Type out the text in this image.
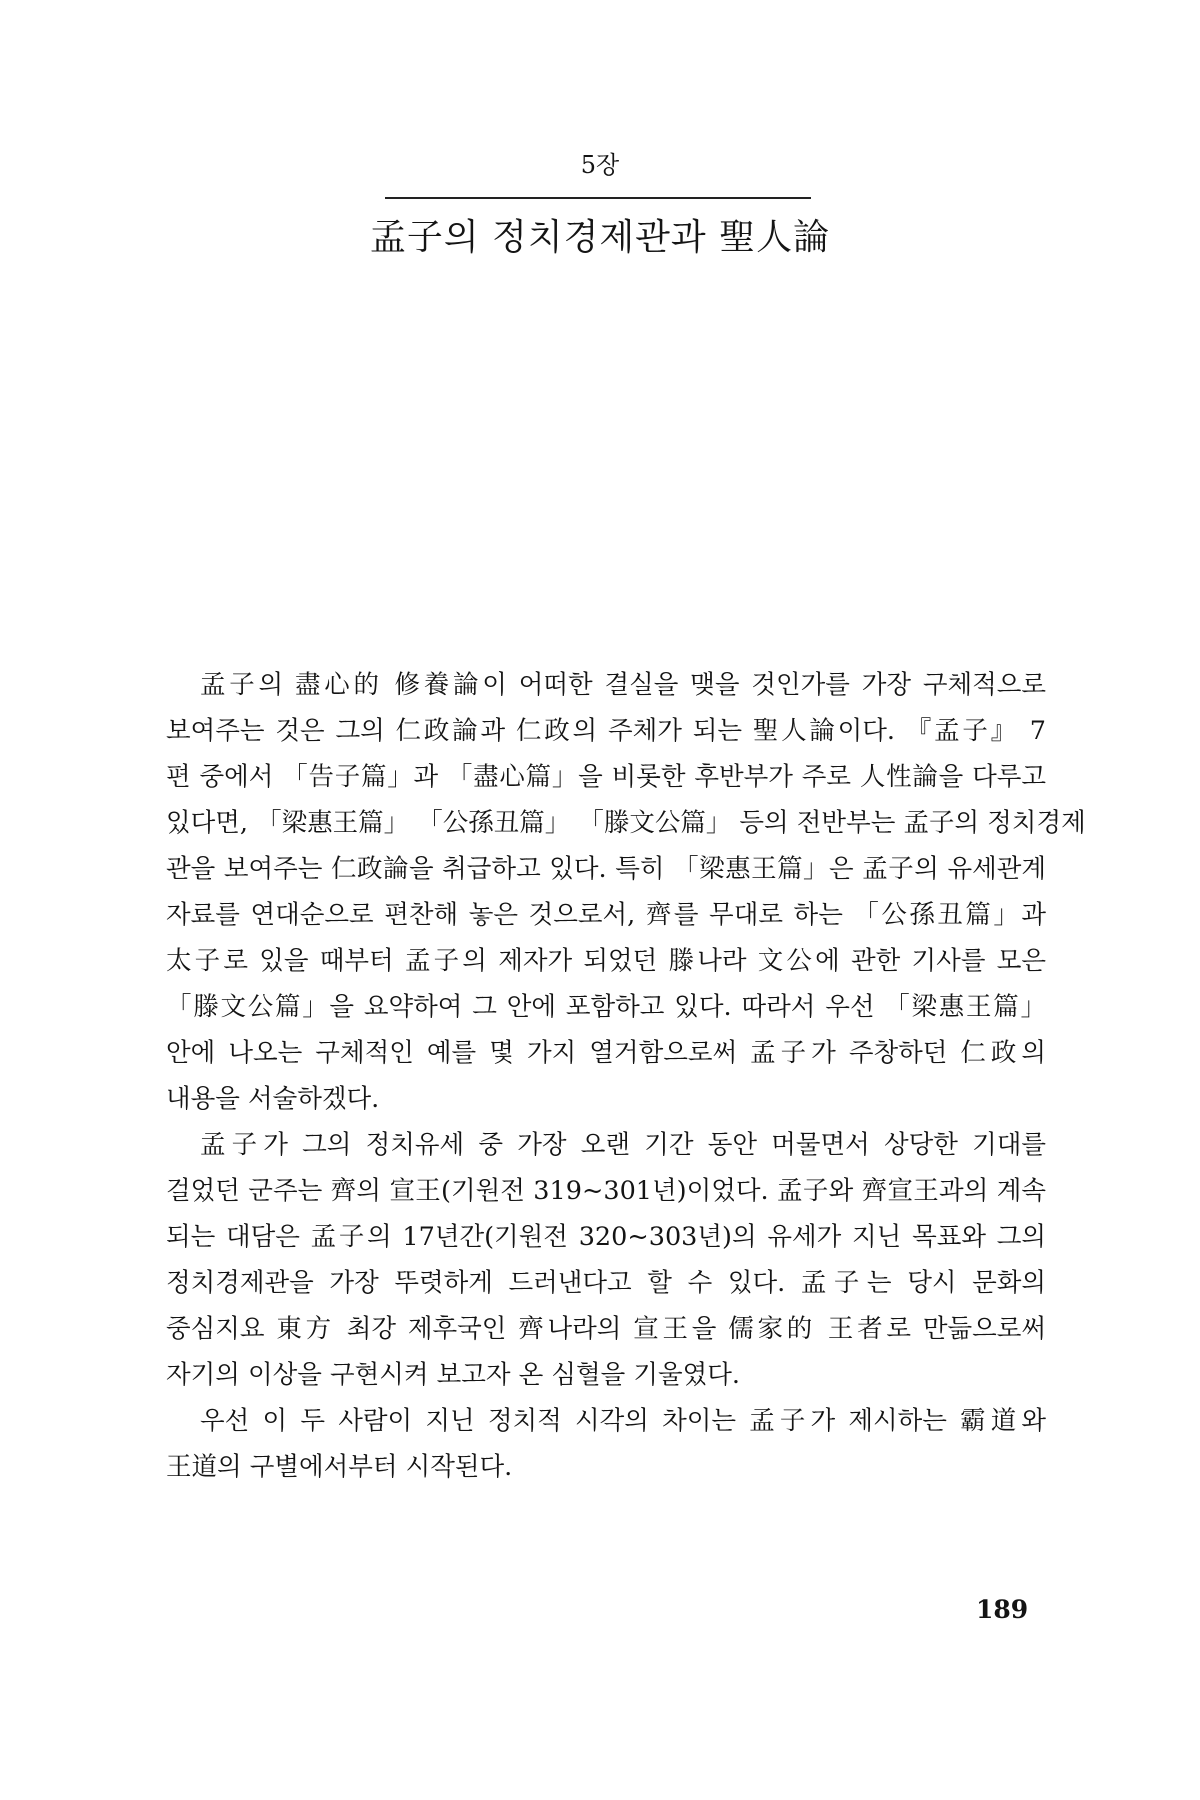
5장
孟子의 정치경제관과 聖人論
孟子의 盡心的 修養論이 어떠한 결실을 맺을 것인가를 가장 구체적으로
보여주는 것은 그의 仁政論과 仁政의 주체가 되는 聖人論이다. 『孟子』 7
편 중에서 「告子篇」과 「盡心篇」을 비롯한 후반부가 주로 人性論을 다루고
있다면, 「梁惠王篇」 「公孫丑篇」 「滕文公篇」 등의 전반부는 孟子의 정치경제
관을 보여주는 仁政論을 취급하고 있다. 특히 「梁惠王篇」은 孟子의 유세관계
자료를 연대순으로 편찬해 놓은 것으로서, 齊를 무대로 하는 「公孫丑篇」과
太子로 있을 때부터 孟子의 제자가 되었던 滕나라 文公에 관한 기사를 모은
「滕文公篇」을 요약하여 그 안에 포함하고 있다. 따라서 우선 「梁惠王篇」
안에 나오는 구체적인 예를 몇 가지 열거함으로써 孟子가 주창하던 仁政의
내용을 서술하겠다.
孟子가 그의 정치유세 중 가장 오랜 기간 동안 머물면서 상당한 기대를
걸었던 군주는 齊의 宣王(기원전 319~301년)이었다. 孟子와 齊宣王과의 계속
되는 대담은 孟子의 17년간(기원전 320~303년)의 유세가 지닌 목표와 그의
정치경제관을 가장 뚜렷하게 드러낸다고 할 수 있다. 孟子는 당시 문화의
중심지요 東方 최강 제후국인 齊나라의 宣王을 儒家的 王者로 만듦으로써
자기의 이상을 구현시켜 보고자 온 심혈을 기울였다.
우선 이 두 사람이 지닌 정치적 시각의 차이는 孟子가 제시하는 霸道와
王道의 구별에서부터 시작된다.
189
